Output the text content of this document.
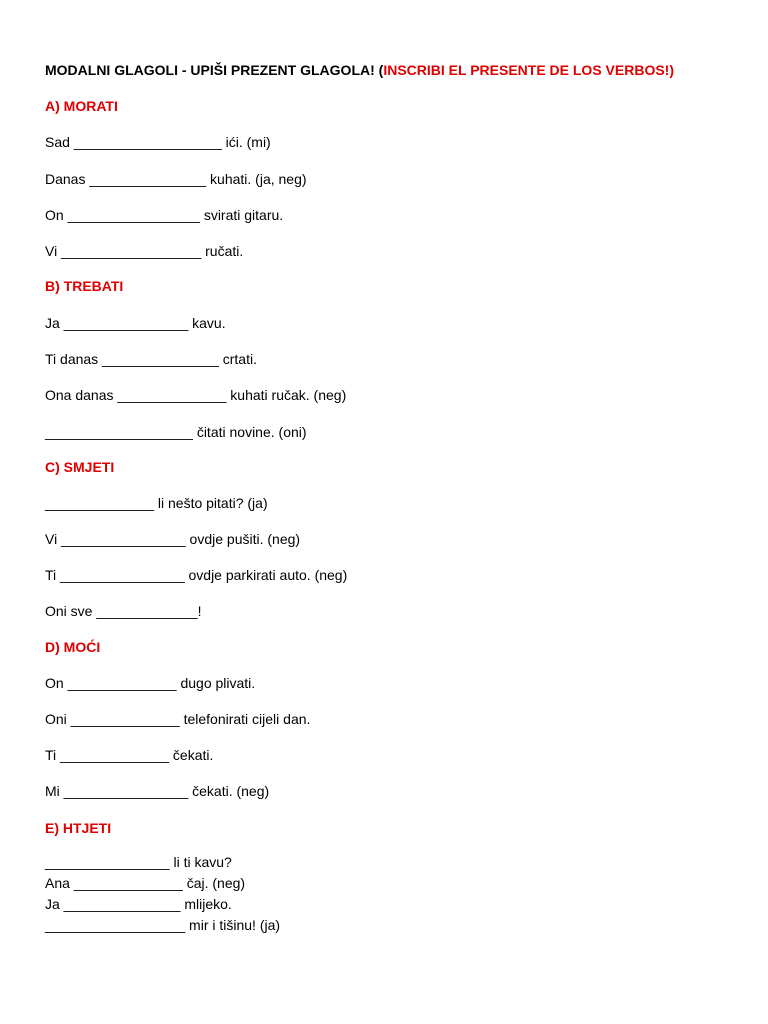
MODALNI GLAGOLI - UPIŠI PREZENT GLAGOLA! (INSCRIBI EL PRESENTE DE LOS VERBOS!)
A) MORATI
Sad ___________________ ići. (mi)
Danas _______________ kuhati. (ja, neg)
On _________________ svirati gitaru.
Vi __________________ ručati.
B) TREBATI
Ja ________________ kavu.
Ti danas _______________ crtati.
Ona danas ______________ kuhati ručak. (neg)
___________________ čitati novine. (oni)
C) SMJETI
______________ li nešto pitati? (ja)
Vi ________________ ovdje pušiti. (neg)
Ti ________________ ovdje parkirati auto. (neg)
Oni sve _____________!
D) MOĆI
On ______________ dugo plivati.
Oni ______________ telefonirati cijeli dan.
Ti ______________ čekati.
Mi ________________ čekati. (neg)
E) HTJETI
________________ li ti kavu?
Ana ______________ čaj. (neg)
Ja _______________ mlijeko.
__________________ mir i tišinu! (ja)
